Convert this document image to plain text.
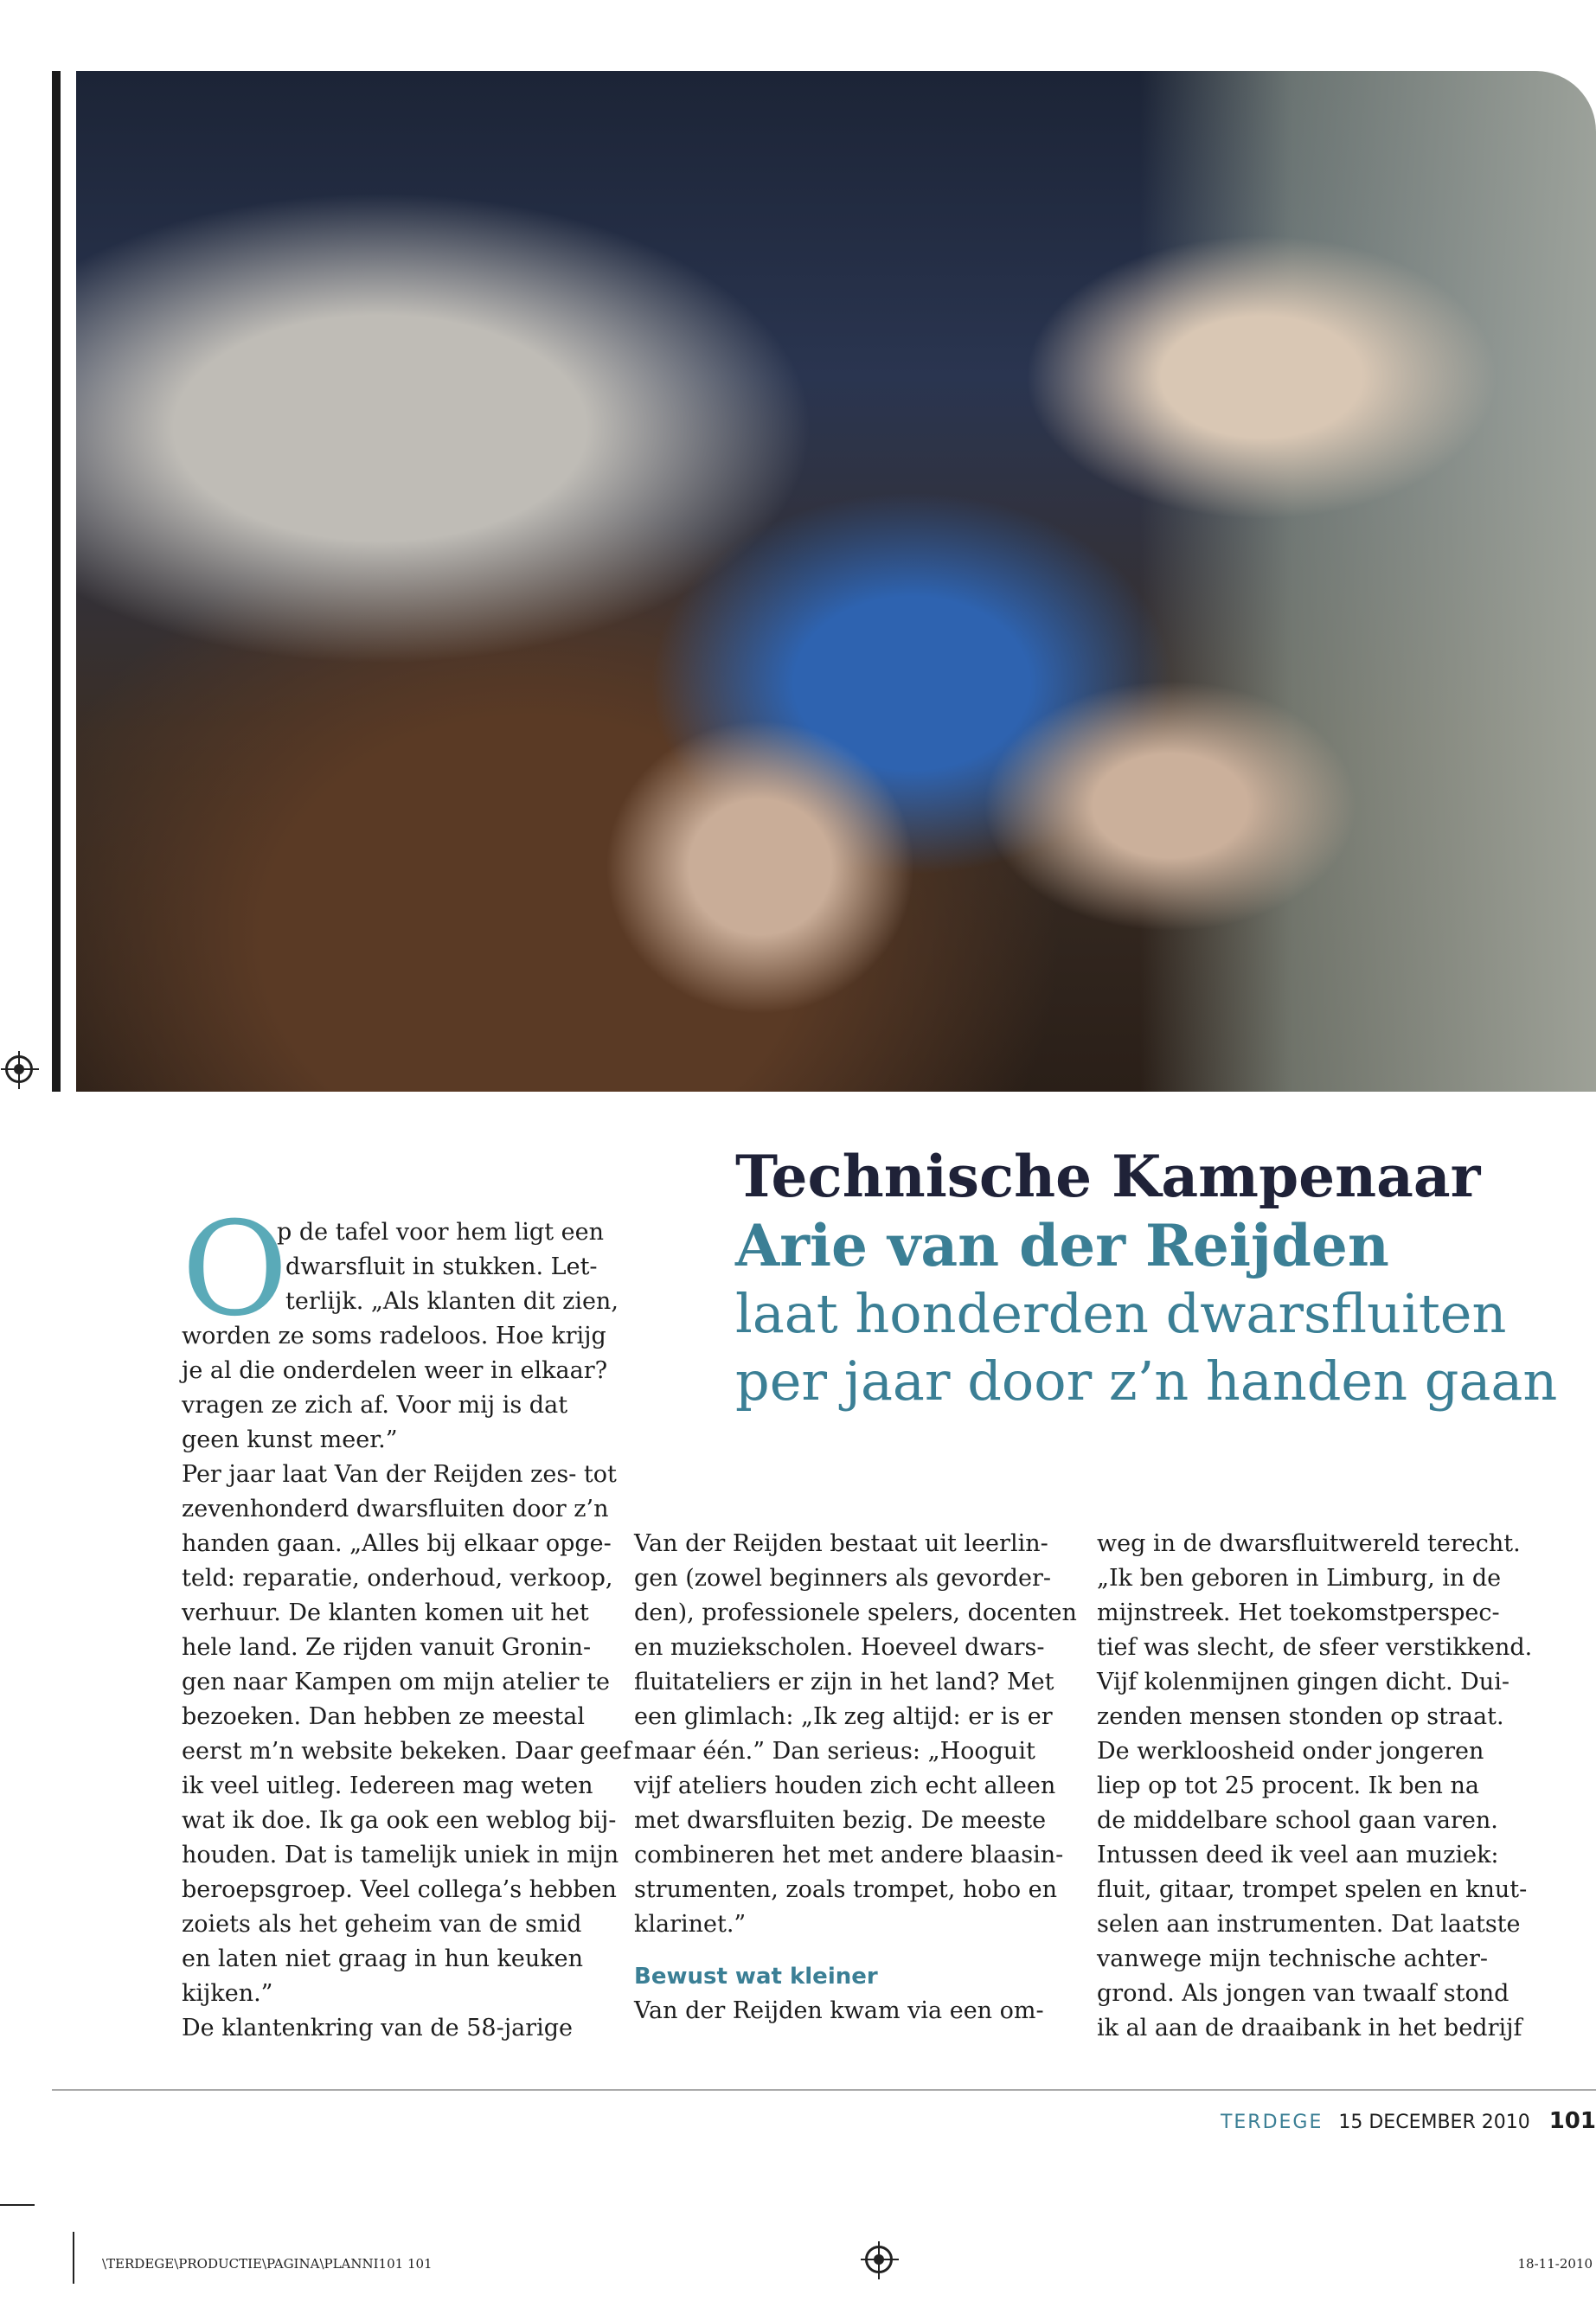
Technische Kampenaar
Arie van der Reijden
laat honderden dwarsfluiten
per jaar door z’n handen gaan
O
p de tafel voor hem ligt een
dwarsfluit in stukken. Let-
terlijk. „Als klanten dit zien,
worden ze soms radeloos. Hoe krijg
je al die onderdelen weer in elkaar?
vragen ze zich af. Voor mij is dat
geen kunst meer.”
Per jaar laat Van der Reijden zes- tot
zevenhonderd dwarsfluiten door z’n
handen gaan. „Alles bij elkaar opge-
teld: reparatie, onderhoud, verkoop,
verhuur. De klanten komen uit het
hele land. Ze rijden vanuit Gronin-
gen naar Kampen om mijn atelier te
bezoeken. Dan hebben ze meestal
eerst m’n website bekeken. Daar geef
ik veel uitleg. Iedereen mag weten
wat ik doe. Ik ga ook een weblog bij-
houden. Dat is tamelijk uniek in mijn
beroepsgroep. Veel collega’s hebben
zoiets als het geheim van de smid
en laten niet graag in hun keuken
kijken.”
De klantenkring van de 58-jarige
Van der Reijden bestaat uit leerlin-
gen (zowel beginners als gevorder-
den), professionele spelers, docenten
en muziekscholen. Hoeveel dwars-
fluitateliers er zijn in het land? Met
een glimlach: „Ik zeg altijd: er is er
maar één.” Dan serieus: „Hooguit
vijf ateliers houden zich echt alleen
met dwarsfluiten bezig. De meeste
combineren het met andere blaasin-
strumenten, zoals trompet, hobo en
klarinet.”
Bewust wat kleiner
Van der Reijden kwam via een om-
weg in de dwarsfluitwereld terecht.
„Ik ben geboren in Limburg, in de
mijnstreek. Het toekomstperspec-
tief was slecht, de sfeer verstikkend.
Vijf kolenmijnen gingen dicht. Dui-
zenden mensen stonden op straat.
De werkloosheid onder jongeren
liep op tot 25 procent. Ik ben na
de middelbare school gaan varen.
Intussen deed ik veel aan muziek:
fluit, gitaar, trompet spelen en knut-
selen aan instrumenten. Dat laatste
vanwege mijn technische achter-
grond. Als jongen van twaalf stond
ik al aan de draaibank in het bedrijf
TERDEGE 15 DECEMBER 2010 101
\TERDEGE\PRODUCTIE\PAGINA\PLANNI101 101	18-11-2010
